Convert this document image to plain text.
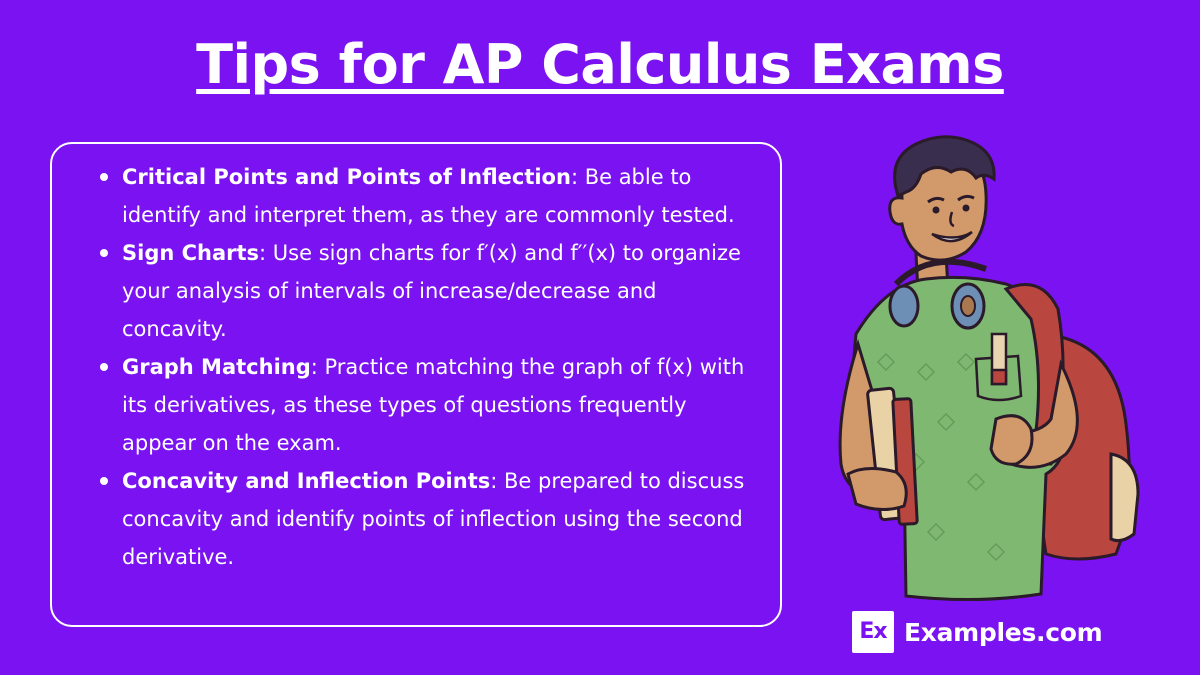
Tips for AP Calculus Exams
Critical Points and Points of Inflection: Be able to identify and interpret them, as they are commonly tested.
Sign Charts: Use sign charts for f′(x) and f′′(x) to organize your analysis of intervals of increase/decrease and concavity.
Graph Matching: Practice matching the graph of f(x) with its derivatives, as these types of questions frequently appear on the exam.
Concavity and Inflection Points: Be prepared to discuss concavity and identify points of inflection using the second derivative.
Ex Examples.com
